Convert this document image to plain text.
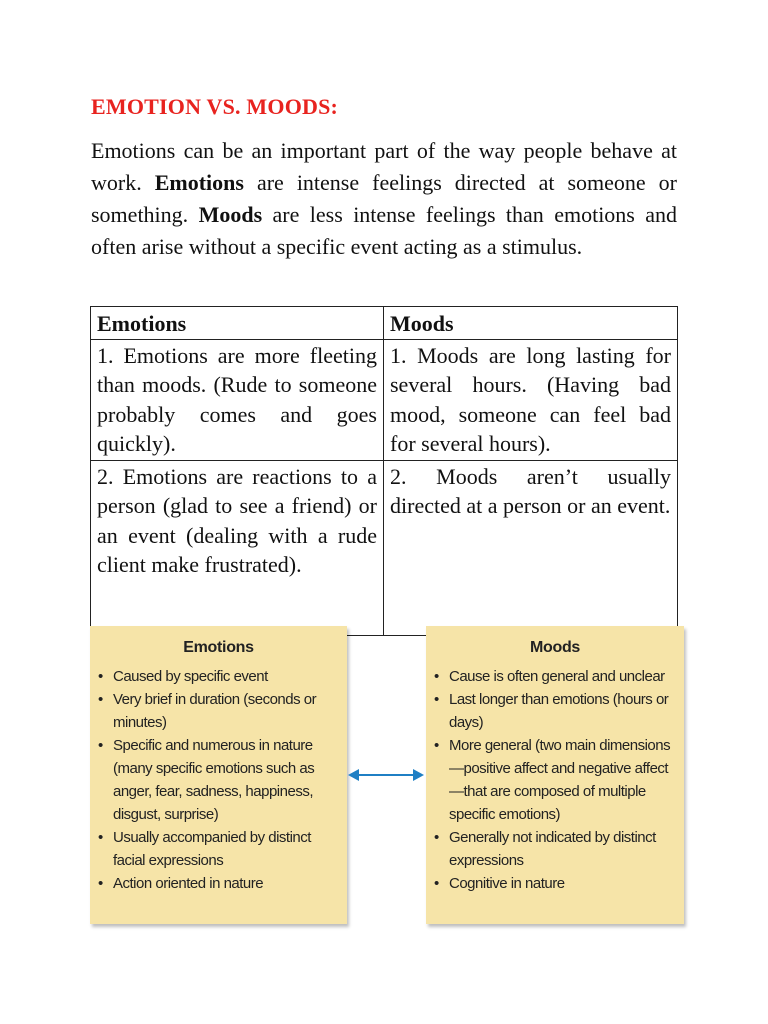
EMOTION VS. MOODS:
Emotions can be an important part of the way people behave at work. Emotions are intense feelings directed at someone or something. Moods are less intense feelings than emotions and often arise without a specific event acting as a stimulus.
Emotions	Moods
1. Emotions are more fleeting than moods. (Rude to someone probably comes and goes quickly).	1. Moods are long lasting for several hours. (Having bad mood, someone can feel bad for several hours).
2. Emotions are reactions to a person (glad to see a friend) or an event (dealing with a rude client make frustrated).	2. Moods aren’t usually directed at a person or an event.
Emotions
• Caused by specific event
• Very brief in duration (seconds or minutes)
• Specific and numerous in nature (many specific emotions such as anger, fear, sadness, happiness, disgust, surprise)
• Usually accompanied by distinct facial expressions
• Action oriented in nature
Moods
• Cause is often general and unclear
• Last longer than emotions (hours or days)
• More general (two main dimensions—positive affect and negative affect—that are composed of multiple specific emotions)
• Generally not indicated by distinct expressions
• Cognitive in nature
